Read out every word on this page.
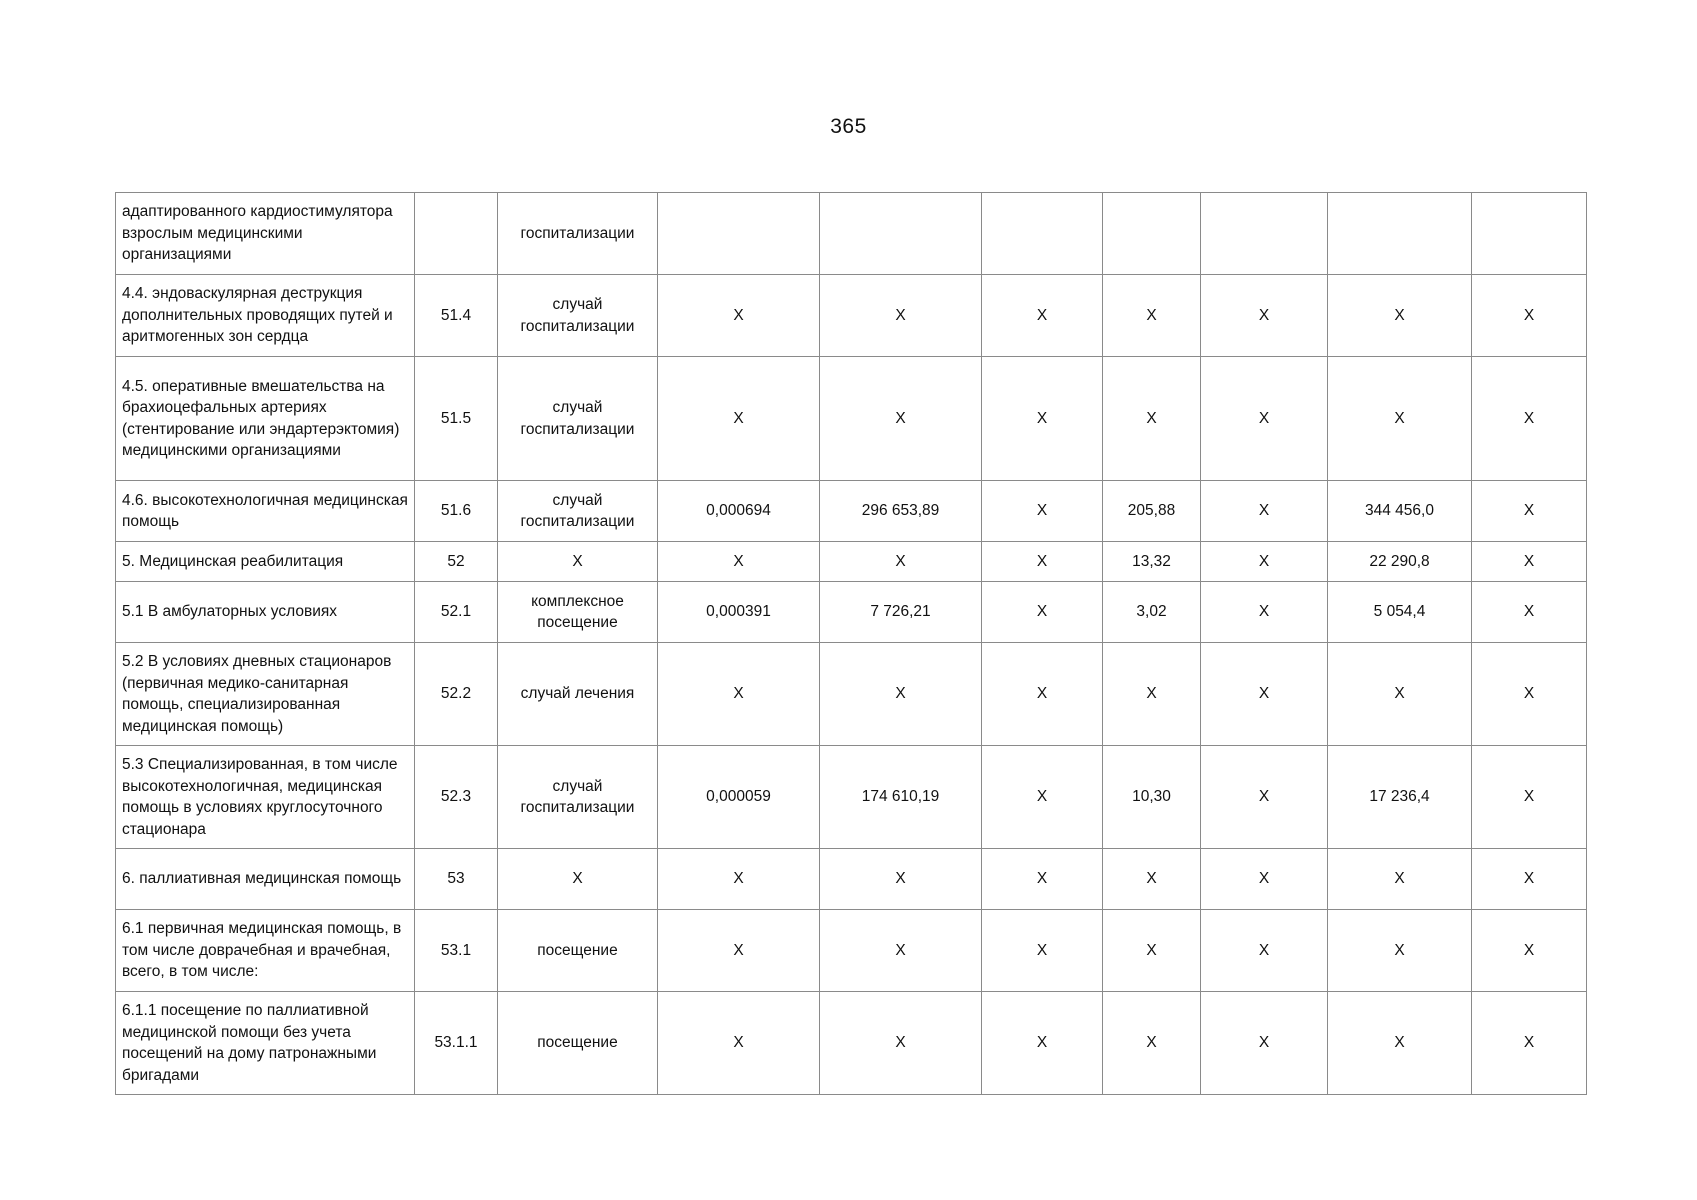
365
адаптированного кардиостимулятора взрослым медицинскими организациями		госпитализации							
4.4. эндоваскулярная деструкция дополнительных проводящих путей и аритмогенных зон сердца	51.4	случай госпитализации	X	X	X	X	X	X	X
4.5. оперативные вмешательства на брахиоцефальных артериях (стентирование или эндартерэктомия) медицинскими организациями	51.5	случай госпитализации	X	X	X	X	X	X	X
4.6. высокотехнологичная медицинская помощь	51.6	случай госпитализации	0,000694	296 653,89	X	205,88	X	344 456,0	X
5. Медицинская реабилитация	52	X	X	X	X	13,32	X	22 290,8	X
5.1 В амбулаторных условиях	52.1	комплексное посещение	0,000391	7 726,21	X	3,02	X	5 054,4	X
5.2 В условиях дневных стационаров (первичная медико-санитарная помощь, специализированная медицинская помощь)	52.2	случай лечения	X	X	X	X	X	X	X
5.3 Специализированная, в том числе высокотехнологичная, медицинская помощь в условиях круглосуточного стационара	52.3	случай госпитализации	0,000059	174 610,19	X	10,30	X	17 236,4	X
6. паллиативная медицинская помощь	53	X	X	X	X	X	X	X	X
6.1 первичная медицинская помощь, в том числе доврачебная и врачебная, всего, в том числе:	53.1	посещение	X	X	X	X	X	X	X
6.1.1 посещение по паллиативной медицинской помощи без учета посещений на дому патронажными бригадами	53.1.1	посещение	X	X	X	X	X	X	X
